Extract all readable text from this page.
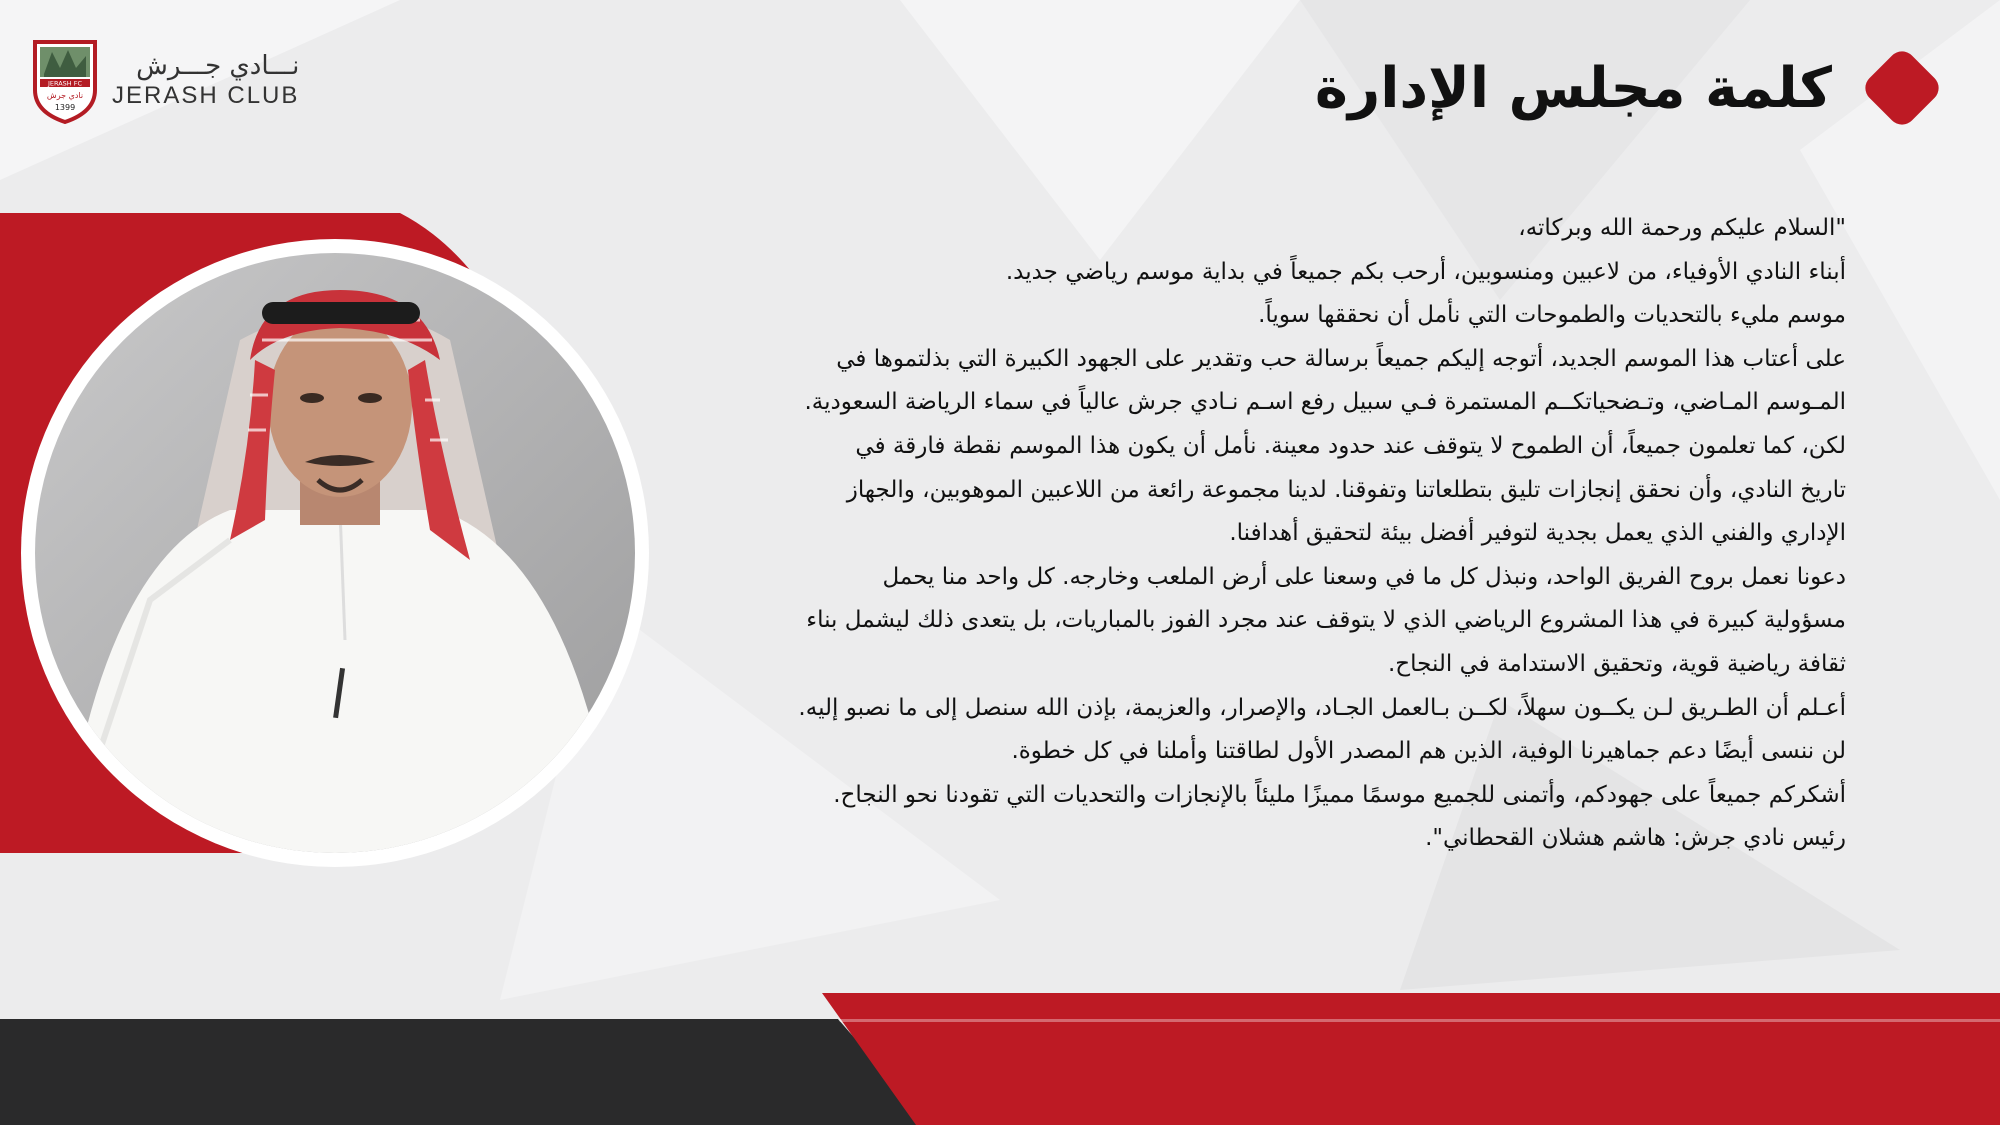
JERASH FC
نادي جرش
1399
نـــادي جـــرش
JERASH CLUB	كلمة مجلس الإدارة

"السلام عليكم ورحمة الله وبركاته،

أبناء النادي الأوفياء، من لاعبين ومنسوبين، أرحب بكم جميعاً في بداية موسم رياضي جديد.

موسم مليء بالتحديات والطموحات التي نأمل أن نحققها سوياً.

على أعتاب هذا الموسم الجديد، أتوجه إليكم جميعاً برسالة حب وتقدير على الجهود الكبيرة التي بذلتموها في

المـوسم المـاضي، وتـضحياتكــم المستمرة فـي سبيل رفع اسـم نـادي جرش عالياً في سماء الرياضة السعودية.

لكن، كما تعلمون جميعاً، أن الطموح لا يتوقف عند حدود معينة. نأمل أن يكون هذا الموسم نقطة فارقة في

تاريخ النادي، وأن نحقق إنجازات تليق بتطلعاتنا وتفوقنا. لدينا مجموعة رائعة من اللاعبين الموهوبين، والجهاز

الإداري والفني الذي يعمل بجدية لتوفير أفضل بيئة لتحقيق أهدافنا.

دعونا نعمل بروح الفريق الواحد، ونبذل كل ما في وسعنا على أرض الملعب وخارجه. كل واحد منا يحمل

مسؤولية كبيرة في هذا المشروع الرياضي الذي لا يتوقف عند مجرد الفوز بالمباريات، بل يتعدى ذلك ليشمل بناء

ثقافة رياضية قوية، وتحقيق الاستدامة في النجاح.

أعـلم أن الطـريق لـن يكــون سهلاً، لكــن بـالعمل الجـاد، والإصرار، والعزيمة، بإذن الله سنصل إلى ما نصبو إليه.

لن ننسى أيضًا دعم جماهيرنا الوفية، الذين هم المصدر الأول لطاقتنا وأملنا في كل خطوة.

أشكركم جميعاً على جهودكم، وأتمنى للجميع موسمًا مميزًا مليئاً بالإنجازات والتحديات التي تقودنا نحو النجاح.

رئيس نادي جرش: هاشم هشلان القحطاني".
